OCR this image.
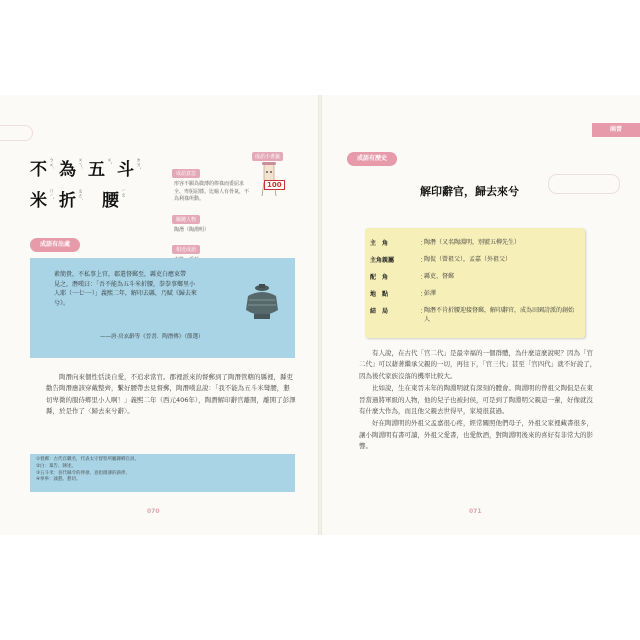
不 ㄅㄨˋ 為 ㄨㄟˋ 五 ㄨˇ 斗 ㄉㄡˇ
米 ㄇㄧˇ 折 ㄓㄜˊ 腰 ㄧㄠ
成語意思
形容不願為微薄的俸祿而委屈求全、卑躬屈膝。比喻人有骨氣，不為利祿所動。
關鍵人物
陶潛（陶淵明）
相近成語
成語小書籤
100
成語有出處
素簡貴，不私事上官，郡遣督郵至，縣吏白應束帶
見之，潛嘆曰：「吾不能為五斗米折腰，拳拳事鄉里小
人耶（一七·一）」義熙二年，解印去縣，乃賦《歸去來
兮》。
——唐·房玄齡等《晉書．陶潛傳》（節選）
陶潛向來個性恬淡自愛，不追求當官。郡裡派來的督郵到了陶潛管轄的縣裡，縣吏勸告陶潛應該穿戴整齊，繫好腰帶去見督郵，陶潛嘆息說：「我不能為五斗米彎腰，懇切卑微的服侍鄉里小人啊！」義熙二年（西元406年），陶潛解印辭官離開，離開了彭澤縣，於是作了〈歸去來兮辭〉。
①督郵：古代官職名，代表太守督察所屬縣鄉官員。
②白：稟告、陳述。
③五斗米：晉代縣令的俸祿，意指微薄的薪俸。
④拳拳：誠懇、懇切。
070
兩晉
成語有歷史
解印辭官，歸去來兮
主　角	：
陶潛（又名陶淵明，別號五柳先生）
主角親屬	：
陶侃（曾祖父），孟嘉（外祖父）
配　角	：
縣吏、督郵
地　點	：
彭澤
結　局	：
陶潛不肯折腰迎接督郵，解印辭官，成為田園詩派的創始人

有人說，在古代「官二代」是最幸福的一個群體，為什麼這麼說呢？因為「官二代」可以藉著繼承父親的一切，再往下，「官三代」甚至「官四代」就不好說了，因為後代家族沒落的機率比較大。

比如說，生在東晉末年的陶淵明就有深刻的體會。陶淵明的曾祖父陶侃是在東晉當過將軍級的人物，他的兒子也被封侯，可是到了陶淵明父親這一輩，好像就沒有什麼大作為，而且他父親去世得早，家境很貧過。

好在陶淵明的外祖父孟嘉很心疼，經常關照他們母子，外祖父家裡藏書很多，讓小陶淵明有書可讀，外祖父愛書，也愛飲酒，對陶淵明後來的喜好有非常大的影響。

071
